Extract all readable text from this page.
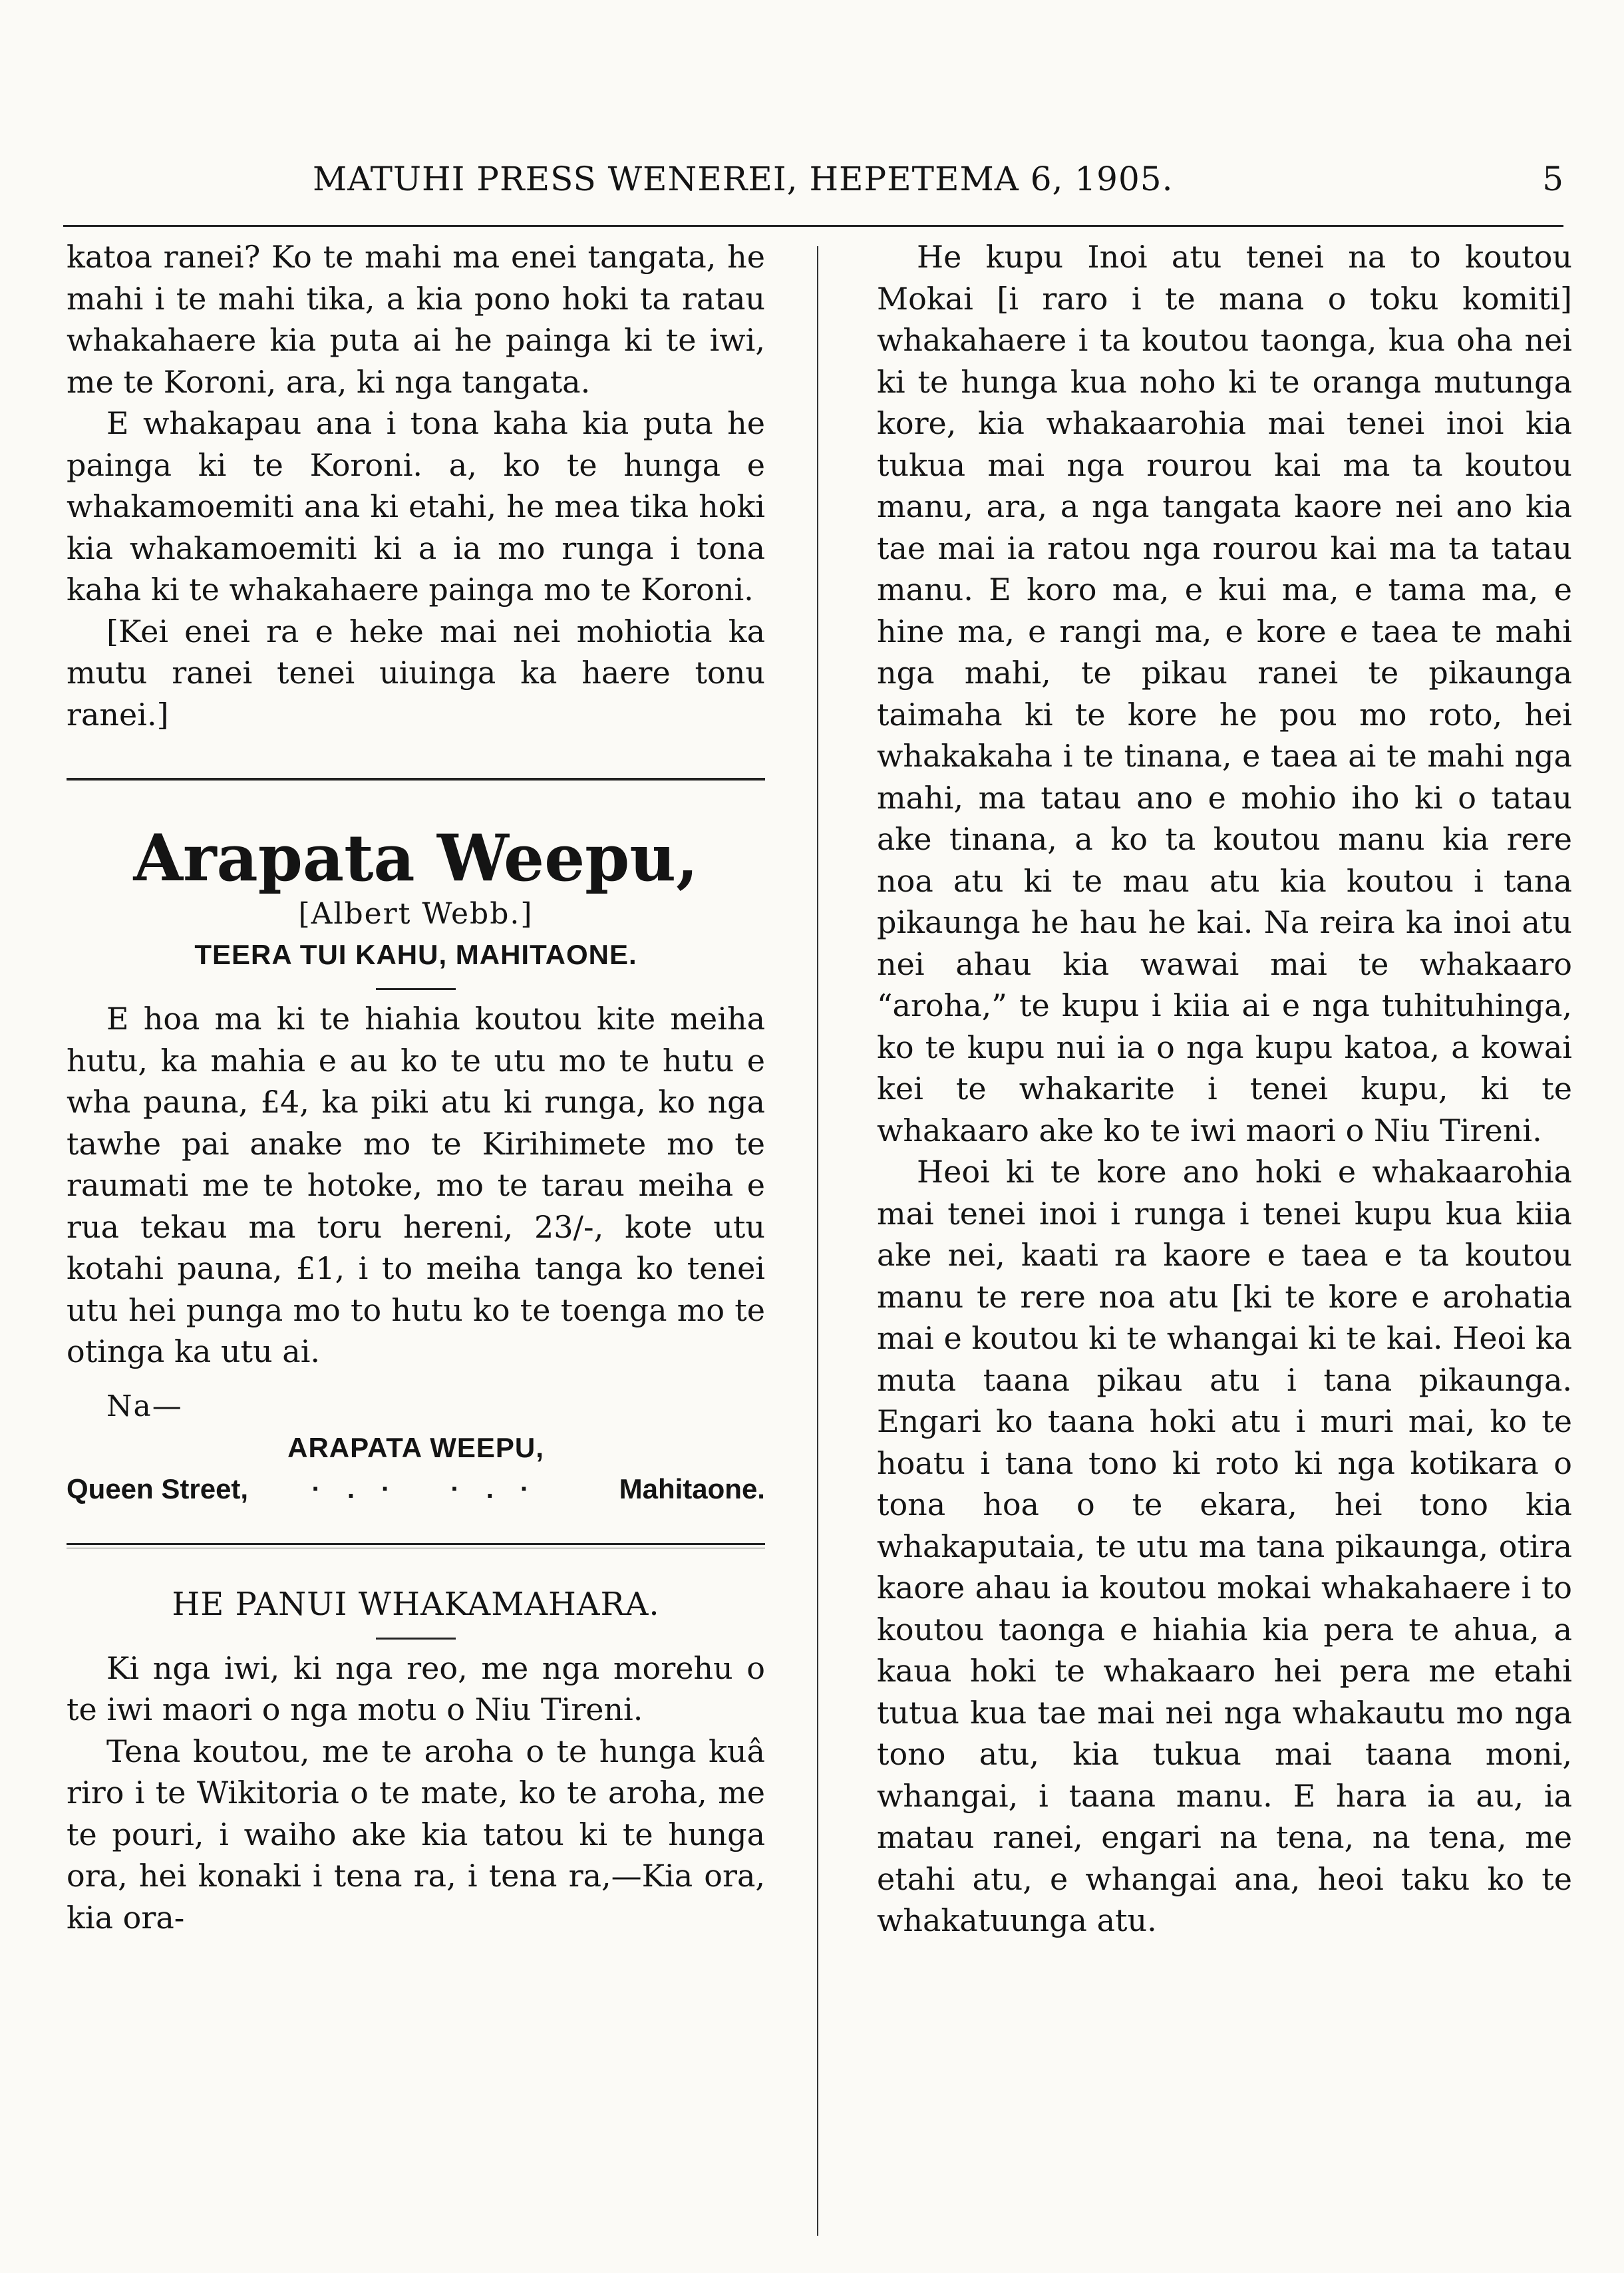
MATUHI PRESS WENEREI, HEPETEMA 6, 1905.	5

katoa ranei? Ko te mahi ma enei tangata, he mahi i te mahi tika, a kia pono hoki ta ratau whakahaere kia puta ai he painga ki te iwi, me te Koroni, ara, ki nga tangata.

E whakapau ana i tona kaha kia puta he painga ki te Koroni. a, ko te hunga e whakamoemiti ana ki etahi, he mea tika hoki kia whakamoemiti ki a ia mo runga i tona kaha ki te whakahaere painga mo te Koroni.

[Kei enei ra e heke mai nei mohiotia ka mutu ranei tenei uiuinga ka haere tonu ranei.]

Arapata Weepu,

[Albert Webb.]

TEERA TUI KAHU, MAHITAONE.

E hoa ma ki te hiahia koutou kite meiha hutu, ka mahia e au ko te utu mo te hutu e wha pauna, £4, ka piki atu ki runga, ko nga tawhe pai anake mo te Kirihimete mo te raumati me te hotoke, mo te tarau meiha e rua tekau ma toru hereni, 23/-, kote utu kotahi pauna, £1, i to meiha tanga ko tenei utu hei punga mo to hutu ko te toenga mo te otinga ka utu ai.

Na—

ARAPATA WEEPU,

Queen Street, ·.· ·.· Mahitaone.

HE PANUI WHAKAMAHARA.

Ki nga iwi, ki nga reo, me nga morehu o te iwi maori o nga motu o Niu Tireni.

Tena koutou, me te aroha o te hunga kuâ riro i te Wikitoria o te mate, ko te aroha, me te pouri, i waiho ake kia tatou ki te hunga ora, hei konaki i tena ra, i tena ra,—Kia ora, kia ora-

He kupu Inoi atu tenei na to koutou Mokai [i raro i te mana o toku komiti] whakahaere i ta koutou taonga, kua oha nei ki te hunga kua noho ki te oranga mutunga kore, kia whakaarohia mai tenei inoi kia tukua mai nga rourou kai ma ta koutou manu, ara, a nga tangata kaore nei ano kia tae mai ia ratou nga rourou kai ma ta tatau manu. E koro ma, e kui ma, e tama ma, e hine ma, e rangi ma, e kore e taea te mahi nga mahi, te pikau ranei te pikaunga taimaha ki te kore he pou mo roto, hei whakakaha i te tinana, e taea ai te mahi nga mahi, ma tatau ano e mohio iho ki o tatau ake tinana, a ko ta koutou manu kia rere noa atu ki te mau atu kia koutou i tana pikaunga he hau he kai. Na reira ka inoi atu nei ahau kia wawai mai te whakaaro “aroha,” te kupu i kiia ai e nga tuhituhinga, ko te kupu nui ia o nga kupu katoa, a kowai kei te whakarite i tenei kupu, ki te whakaaro ake ko te iwi maori o Niu Tireni.

Heoi ki te kore ano hoki e whakaarohia mai tenei inoi i runga i tenei kupu kua kiia ake nei, kaati ra kaore e taea e ta koutou manu te rere noa atu [ki te kore e arohatia mai e koutou ki te whangai ki te kai. Heoi ka muta taana pikau atu i tana pikaunga. Engari ko taana hoki atu i muri mai, ko te hoatu i tana tono ki roto ki nga kotikara o tona hoa o te ekara, hei tono kia whakaputaia, te utu ma tana pikaunga, otira kaore ahau ia koutou mokai whakahaere i to koutou taonga e hiahia kia pera te ahua, a kaua hoki te whakaaro hei pera me etahi tutua kua tae mai nei nga whakautu mo nga tono atu, kia tukua mai taana moni, whangai, i taana manu. E hara ia au, ia matau ranei, engari na tena, na tena, me etahi atu, e whangai ana, heoi taku ko te whakatuunga atu.
